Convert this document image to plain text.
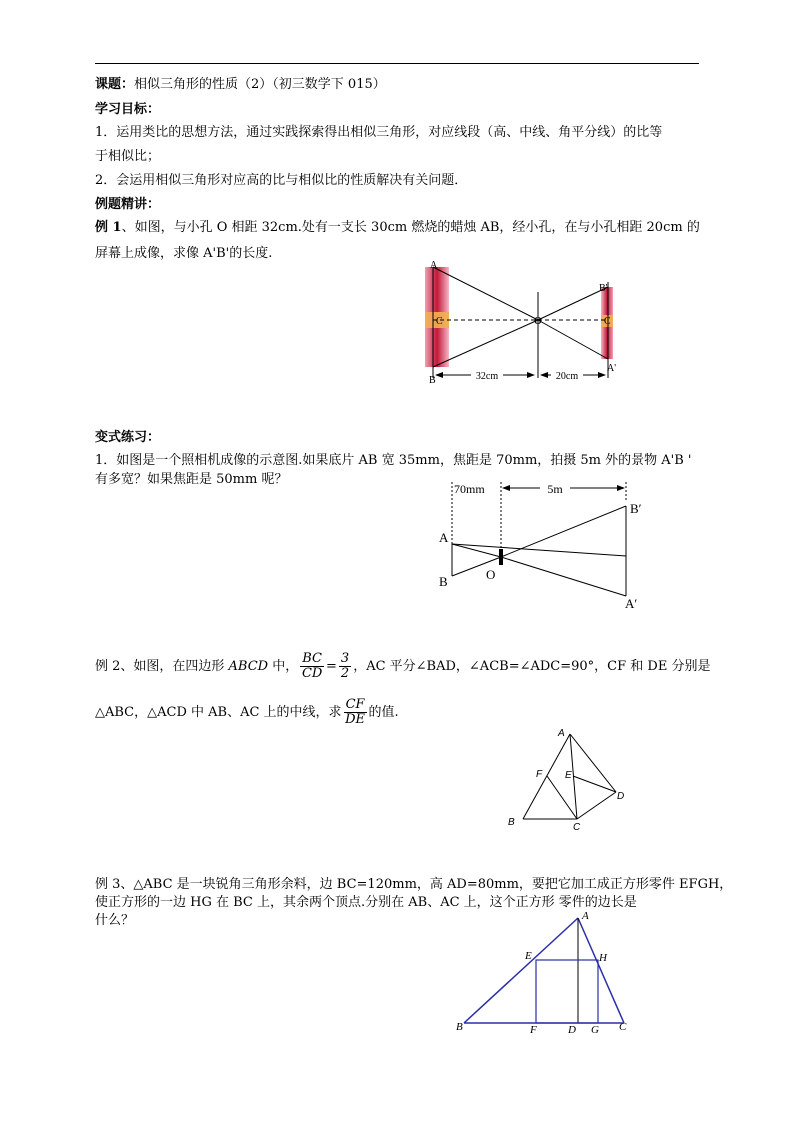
课题：相似三角形的性质（2）（初三数学下 015）
学习目标：
1．运用类比的思想方法，通过实践探索得出相似三角形，对应线段（高、中线、角平分线）的比等
于相似比；
2．会运用相似三角形对应高的比与相似比的性质解决有关问题．
例题精讲：
例 1、如图，与小孔 O 相距 32cm.处有一支长 30cm 燃烧的蜡烛 AB，经小孔，在与小孔相距 20cm 的
屏幕上成像，求像 A'B'的长度.
32cm	20cm
A
B
C	O
B'
A'
C
变式练习：
1．如图是一个照相机成像的示意图.如果底片 AB 宽 35mm，焦距是 70mm，拍摄 5m 外的景物 A'B '
有多宽？如果焦距是 50mm 呢？
5m
70mm
A
B	O
B′
A′
例 2、如图，在四边形 ABCD 中， $\frac{BC}{CD} = \frac{3}{2}$ ，AC 平分∠BAD，∠ACB=∠ADC=90°，CF 和 DE 分别是
△ABC，△ACD 中 AB、AC 上的中线，求 $\frac{CF}{DE}$ 的值.
A
B	C
D
E
F
例 3、△ABC 是一块锐角三角形余料，边 BC=120mm，高 AD=80mm，要把它加工成正方形零件 EFGH，
使正方形的一边 HG 在 BC 上，其余两个顶点.分别在 AB、AC 上，这个正方形 零件的边长是
什么？	A
B	C
D
E
F	G
H
